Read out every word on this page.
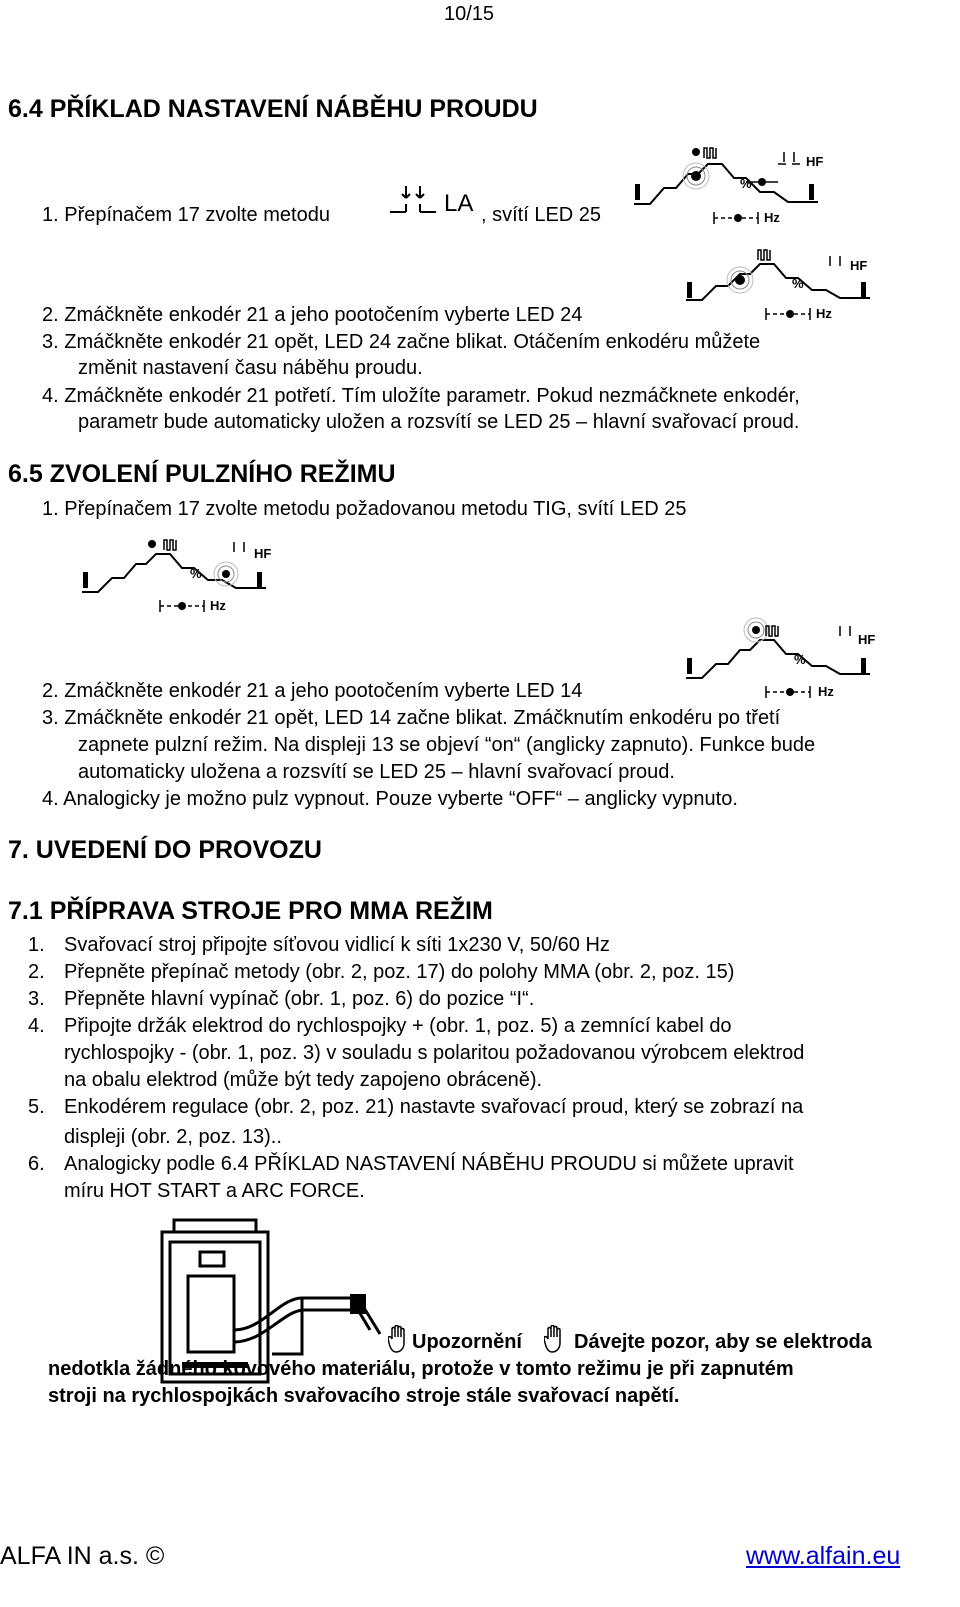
10/15
6.4 PŘÍKLAD NASTAVENÍ NÁBĚHU PROUDU
1. Přepínačem 17 zvolte metodu	LA , svítí LED 25
%
HF
Hz
2. Zmáčkněte enkodér 21 a jeho pootočením vyberte LED 24
%
HF
Hz
3. Zmáčkněte enkodér 21 opět, LED 24 začne blikat. Otáčením enkodéru můžete
změnit nastavení času náběhu proudu.
4. Zmáčkněte enkodér 21 potřetí. Tím uložíte parametr. Pokud nezmáčknete enkodér,
parametr bude automaticky uložen a rozsvítí se LED 25 – hlavní svařovací proud.
6.5 ZVOLENÍ PULZNÍHO REŽIMU
1. Přepínačem 17 zvolte metodu požadovanou metodu TIG, svítí LED 25
%
HF
Hz
%
HF
Hz
2. Zmáčkněte enkodér 21 a jeho pootočením vyberte LED 14
3. Zmáčkněte enkodér 21 opět, LED 14 začne blikat. Zmáčknutím enkodéru po třetí
zapnete pulzní režim. Na displeji 13 se objeví “on“ (anglicky zapnuto). Funkce bude
automaticky uložena a rozsvítí se LED 25 – hlavní svařovací proud.
4. Analogicky je možno pulz vypnout. Pouze vyberte “OFF“ – anglicky vypnuto.
7. UVEDENÍ DO PROVOZU
7.1 PŘÍPRAVA STROJE PRO MMA REŽIM
1. Svařovací stroj připojte síťovou vidlicí k síti 1x230 V, 50/60 Hz
2. Přepněte přepínač metody (obr. 2, poz. 17) do polohy MMA (obr. 2, poz. 15)
3. Přepněte hlavní vypínač (obr. 1, poz. 6) do pozice “I“.
4. Připojte držák elektrod do rychlospojky + (obr. 1, poz. 5) a zemnící kabel do
rychlospojky - (obr. 1, poz. 3) v souladu s polaritou požadovanou výrobcem elektrod
na obalu elektrod (může být tedy zapojeno obráceně).
5. Enkodérem regulace (obr. 2, poz. 21) nastavte svařovací proud, který se zobrazí na
displeji (obr. 2, poz. 13)..
6. Analogicky podle 6.4 PŘÍKLAD NASTAVENÍ NÁBĚHU PROUDU si můžete upravit
míru HOT START a ARC FORCE.
Upozornění	Dávejte pozor, aby se elektroda
nedotkla žádného kovového materiálu, protože v tomto režimu je při zapnutém
stroji na rychlospojkách svařovacího stroje stále svařovací napětí.
ALFA IN a.s. ©	www.alfain.eu
